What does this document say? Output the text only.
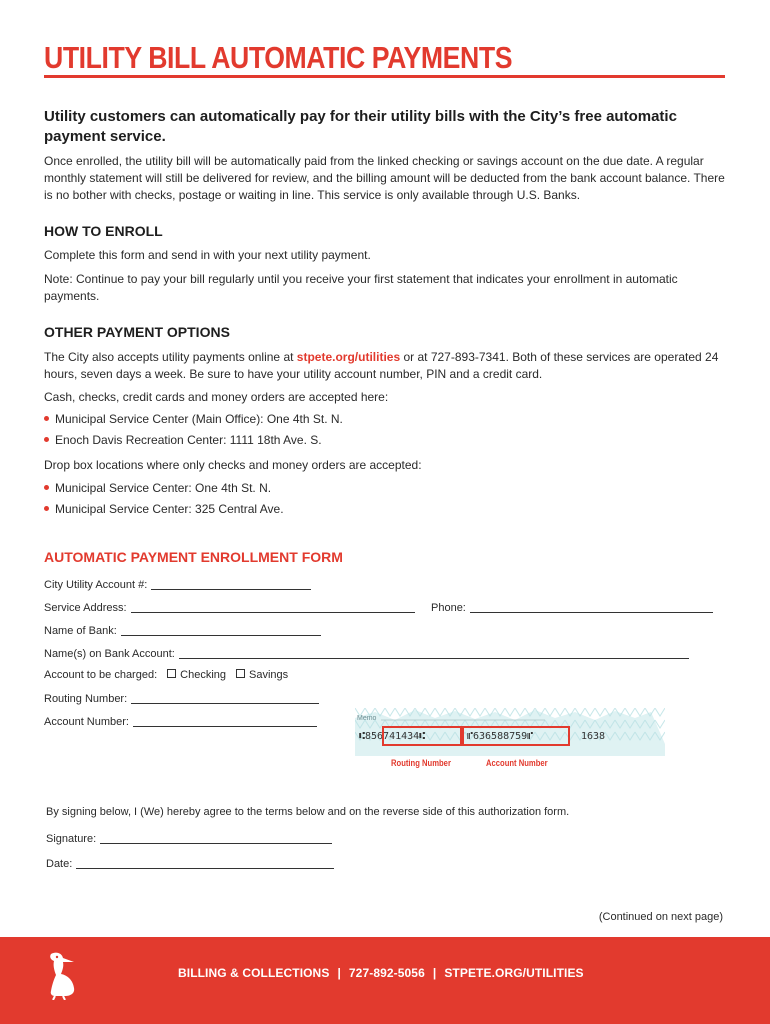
UTILITY BILL AUTOMATIC PAYMENTS
Utility customers can automatically pay for their utility bills with the City’s free automatic payment service.
Once enrolled, the utility bill will be automatically paid from the linked checking or savings account on the due date. A regular monthly statement will still be delivered for review, and the billing amount will be deducted from the bank account balance. There is no bother with checks, postage or waiting in line. This service is only available through U.S. Banks.
HOW TO ENROLL
Complete this form and send in with your next utility payment.
Note: Continue to pay your bill regularly until you receive your first statement that indicates your enrollment in automatic payments.
OTHER PAYMENT OPTIONS
The City also accepts utility payments online at stpete.org/utilities or at 727-893-7341. Both of these services are operated 24 hours, seven days a week. Be sure to have your utility account number, PIN and a credit card.
Cash, checks, credit cards and money orders are accepted here:
Municipal Service Center (Main Office): One 4th St. N.
Enoch Davis Recreation Center: 1111 18th Ave. S.
Drop box locations where only checks and money orders are accepted:
Municipal Service Center: One 4th St. N.
Municipal Service Center: 325 Central Ave.
AUTOMATIC PAYMENT ENROLLMENT FORM
City Utility Account #:
Service Address:	Phone:
Name of Bank:
Name(s) on Bank Account:
Account to be charged: Checking Savings
Routing Number:
Account Number:	Memo
⑆856741434⑆	⑈636588759⑈	1638
Routing Number	Account Number
By signing below, I (We) hereby agree to the terms below and on the reverse side of this authorization form.
Signature:
Date:
(Continued on next page)
BILLING & COLLECTIONS | 727-892-5056 | STPETE.ORG/UTILITIES
